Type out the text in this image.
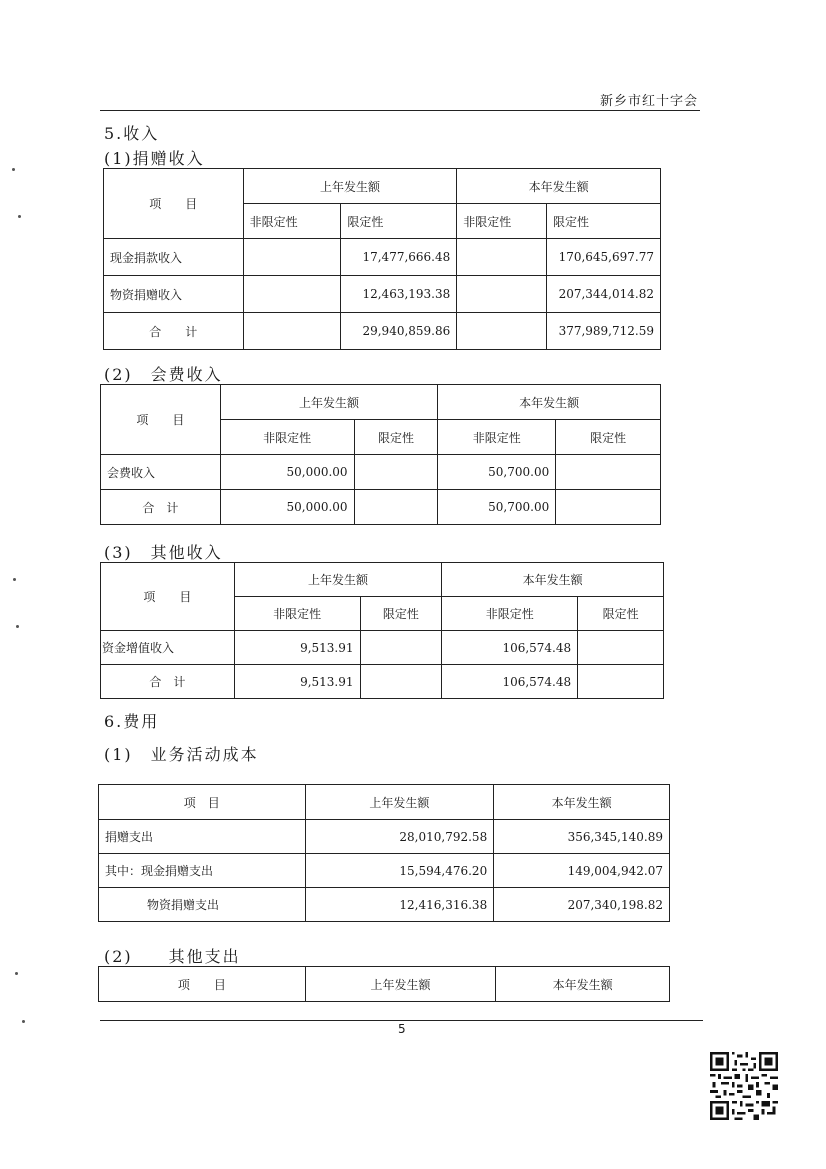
新乡市红十字会
5.收入
(1)捐赠收入
项　　目	上年发生额		本年发生额	
	非限定性	限定性	非限定性	限定性
现金捐款收入		17,477,666.48		170,645,697.77
物资捐赠收入		12,463,193.38		207,344,014.82
合　　计		29,940,859.86		377,989,712.59
(2)　会费收入
项　　目	上年发生额		本年发生额	
	非限定性	限定性	非限定性	限定性
会费收入	50,000.00		50,700.00	
合　计	50,000.00		50,700.00	
(3)　其他收入
项　　目	上年发生额		本年发生额	
	非限定性	限定性	非限定性	限定性
资金增值收入	9,513.91		106,574.48	
合　计	9,513.91		106,574.48	
6.费用
(1)　业务活动成本
项　目	上年发生额	本年发生额
捐赠支出	28,010,792.58	356,345,140.89
其中：现金捐赠支出	15,594,476.20	149,004,942.07
物资捐赠支出	12,416,316.38	207,340,198.82
(2)　　其他支出
项　　目	上年发生额	本年发生额
5
